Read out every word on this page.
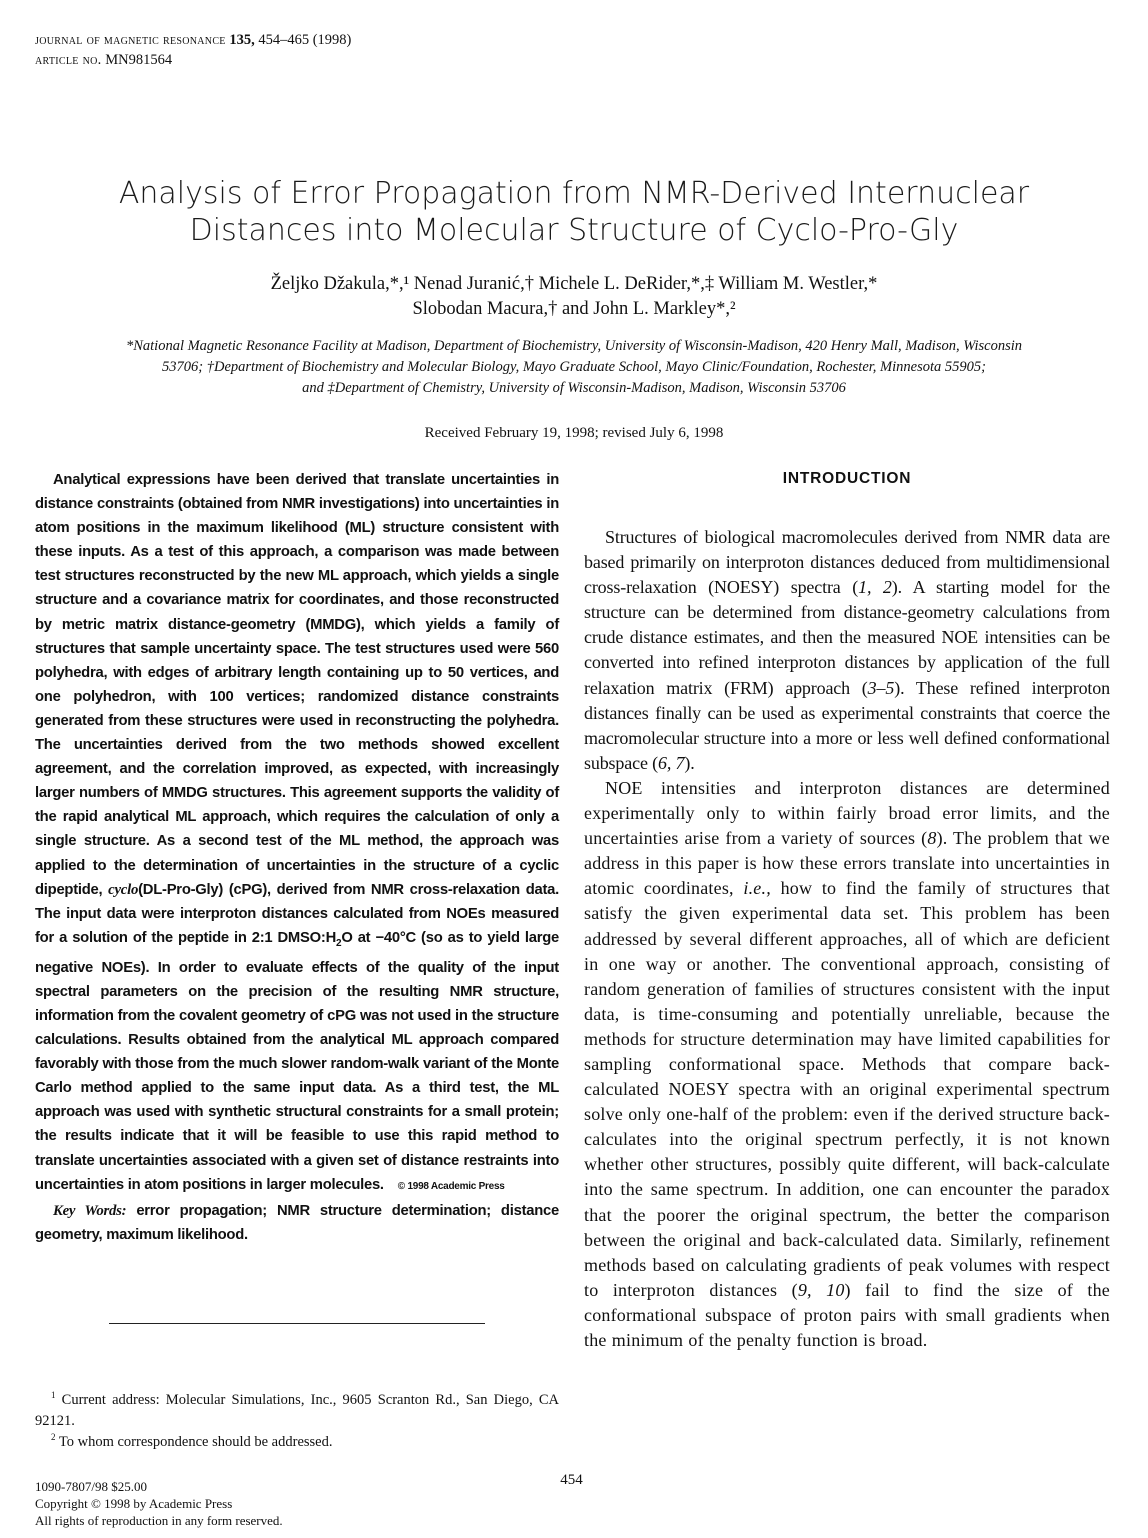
journal of magnetic resonance 135, 454–465 (1998)
article no. MN981564
Analysis of Error Propagation from NMR-Derived Internuclear
Distances into Molecular Structure of Cyclo-Pro-Gly
Željko Džakula,*,¹ Nenad Juranić,† Michele L. DeRider,*,‡ William M. Westler,*
Slobodan Macura,† and John L. Markley*,²
*National Magnetic Resonance Facility at Madison, Department of Biochemistry, University of Wisconsin-Madison, 420 Henry Mall, Madison, Wisconsin
53706; †Department of Biochemistry and Molecular Biology, Mayo Graduate School, Mayo Clinic/Foundation, Rochester, Minnesota 55905;
and ‡Department of Chemistry, University of Wisconsin-Madison, Madison, Wisconsin 53706
Received February 19, 1998; revised July 6, 1998

Analytical expressions have been derived that translate uncertainties in distance constraints (obtained from NMR investigations) into uncertainties in atom positions in the maximum likelihood (ML) structure consistent with these inputs. As a test of this approach, a comparison was made between test structures reconstructed by the new ML approach, which yields a single structure and a covariance matrix for coordinates, and those reconstructed by metric matrix distance-geometry (MMDG), which yields a family of structures that sample uncertainty space. The test structures used were 560 polyhedra, with edges of arbitrary length containing up to 50 vertices, and one polyhedron, with 100 vertices; randomized distance constraints generated from these structures were used in reconstructing the polyhedra. The uncertainties derived from the two methods showed excellent agreement, and the correlation improved, as expected, with increasingly larger numbers of MMDG structures. This agreement supports the validity of the rapid analytical ML approach, which requires the calculation of only a single structure. As a second test of the ML method, the approach was applied to the determination of uncertainties in the structure of a cyclic dipeptide, cyclo(DL-Pro-Gly) (cPG), derived from NMR cross-relaxation data. The input data were interproton distances calculated from NOEs measured for a solution of the peptide in 2:1 $DMSO:H_2O$ at −40°C (so as to yield large negative NOEs). In order to evaluate effects of the quality of the input spectral parameters on the precision of the resulting NMR structure, information from the covalent geometry of cPG was not used in the structure calculations. Results obtained from the analytical ML approach compared favorably with those from the much slower random-walk variant of the Monte Carlo method applied to the same input data. As a third test, the ML approach was used with synthetic structural constraints for a small protein; the results indicate that it will be feasible to use this rapid method to translate uncertainties associated with a given set of distance restraints into uncertainties in atom positions in larger molecules. © 1998 Academic Press

Key Words: error propagation; NMR structure determination; distance geometry, maximum likelihood.

$^1$ Current address: Molecular Simulations, Inc., 9605 Scranton Rd., San Diego, CA 92121.

$^2$ To whom correspondence should be addressed.

1090-7807/98 $25.00
Copyright © 1998 by Academic Press
All rights of reproduction in any form reserved.
454
INTRODUCTION

Structures of biological macromolecules derived from NMR data are based primarily on interproton distances deduced from multidimensional cross-relaxation (NOESY) spectra (1, 2). A starting model for the structure can be determined from distance-geometry calculations from crude distance estimates, and then the measured NOE intensities can be converted into refined interproton distances by application of the full relaxation matrix (FRM) approach (3–5). These refined interproton distances finally can be used as experimental constraints that coerce the macromolecular structure into a more or less well defined conformational subspace (6, 7).

NOE intensities and interproton distances are determined experimentally only to within fairly broad error limits, and the uncertainties arise from a variety of sources (8). The problem that we address in this paper is how these errors translate into uncertainties in atomic coordinates, i.e., how to find the family of structures that satisfy the given experimental data set. This problem has been addressed by several different approaches, all of which are deficient in one way or another. The conventional approach, consisting of random generation of families of structures consistent with the input data, is time-consuming and potentially unreliable, because the methods for structure determination may have limited capabilities for sampling conformational space. Methods that compare back-calculated NOESY spectra with an original experimental spectrum solve only one-half of the problem: even if the derived structure back-calculates into the original spectrum perfectly, it is not known whether other structures, possibly quite different, will back-calculate into the same spectrum. In addition, one can encounter the paradox that the poorer the original spectrum, the better the comparison between the original and back-calculated data. Similarly, refinement methods based on calculating gradients of peak volumes with respect to interproton distances (9, 10) fail to find the size of the conformational subspace of proton pairs with small gradients when the minimum of the penalty function is broad.
